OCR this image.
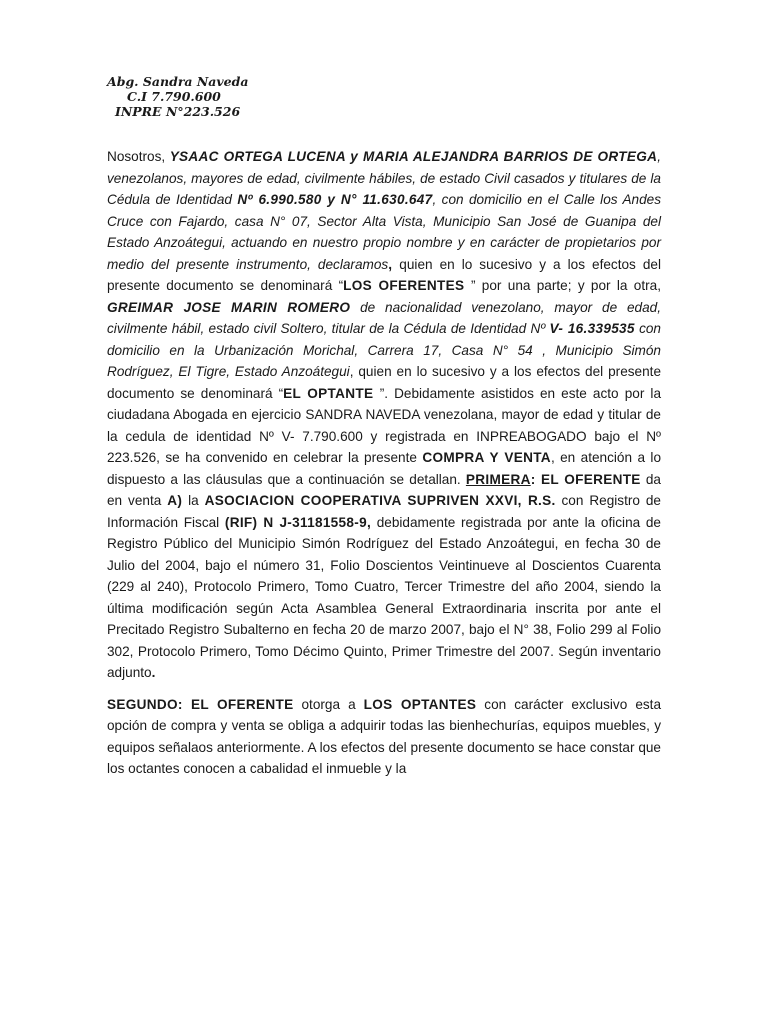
Abg. Sandra Naveda
C.I 7.790.600
INPRE N°223.526

Nosotros, YSAAC ORTEGA LUCENA y MARIA ALEJANDRA BARRIOS DE ORTEGA, venezolanos, mayores de edad, civilmente hábiles, de estado Civil casados y titulares de la Cédula de Identidad Nº 6.990.580 y N° 11.630.647, con domicilio en el Calle los Andes Cruce con Fajardo, casa N° 07, Sector Alta Vista, Municipio San José de Guanipa del Estado Anzoátegui, actuando en nuestro propio nombre y en carácter de propietarios por medio del presente instrumento, declaramos, quien en lo sucesivo y a los efectos del presente documento se denominará “LOS OFERENTES ” por una parte; y por la otra, GREIMAR JOSE MARIN ROMERO de nacionalidad venezolano, mayor de edad, civilmente hábil, estado civil Soltero, titular de la Cédula de Identidad Nº V- 16.339535 con domicilio en la Urbanización Morichal, Carrera 17, Casa N° 54 , Municipio Simón Rodríguez, El Tigre, Estado Anzoátegui, quien en lo sucesivo y a los efectos del presente documento se denominará “EL OPTANTE ”. Debidamente asistidos en este acto por la ciudadana Abogada en ejercicio SANDRA NAVEDA venezolana, mayor de edad y titular de la cedula de identidad Nº V- 7.790.600 y registrada en INPREABOGADO bajo el Nº 223.526, se ha convenido en celebrar la presente COMPRA Y VENTA, en atención a lo dispuesto a las cláusulas que a continuación se detallan. PRIMERA: EL OFERENTE da en venta A) la ASOCIACION COOPERATIVA SUPRIVEN XXVI, R.S. con Registro de Información Fiscal (RIF) N J-31181558-9, debidamente registrada por ante la oficina de Registro Público del Municipio Simón Rodríguez del Estado Anzoátegui, en fecha 30 de Julio del 2004, bajo el número 31, Folio Doscientos Veintinueve al Doscientos Cuarenta (229 al 240), Protocolo Primero, Tomo Cuatro, Tercer Trimestre del año 2004, siendo la última modificación según Acta Asamblea General Extraordinaria inscrita por ante el Precitado Registro Subalterno en fecha 20 de marzo 2007, bajo el N° 38, Folio 299 al Folio 302, Protocolo Primero, Tomo Décimo Quinto, Primer Trimestre del 2007. Según inventario adjunto.

SEGUNDO: EL OFERENTE otorga a LOS OPTANTES con carácter exclusivo esta opción de compra y venta se obliga a adquirir todas las bienhechurías, equipos muebles, y equipos señalaos anteriormente. A los efectos del presente documento se hace constar que los octantes conocen a cabalidad el inmueble y la
